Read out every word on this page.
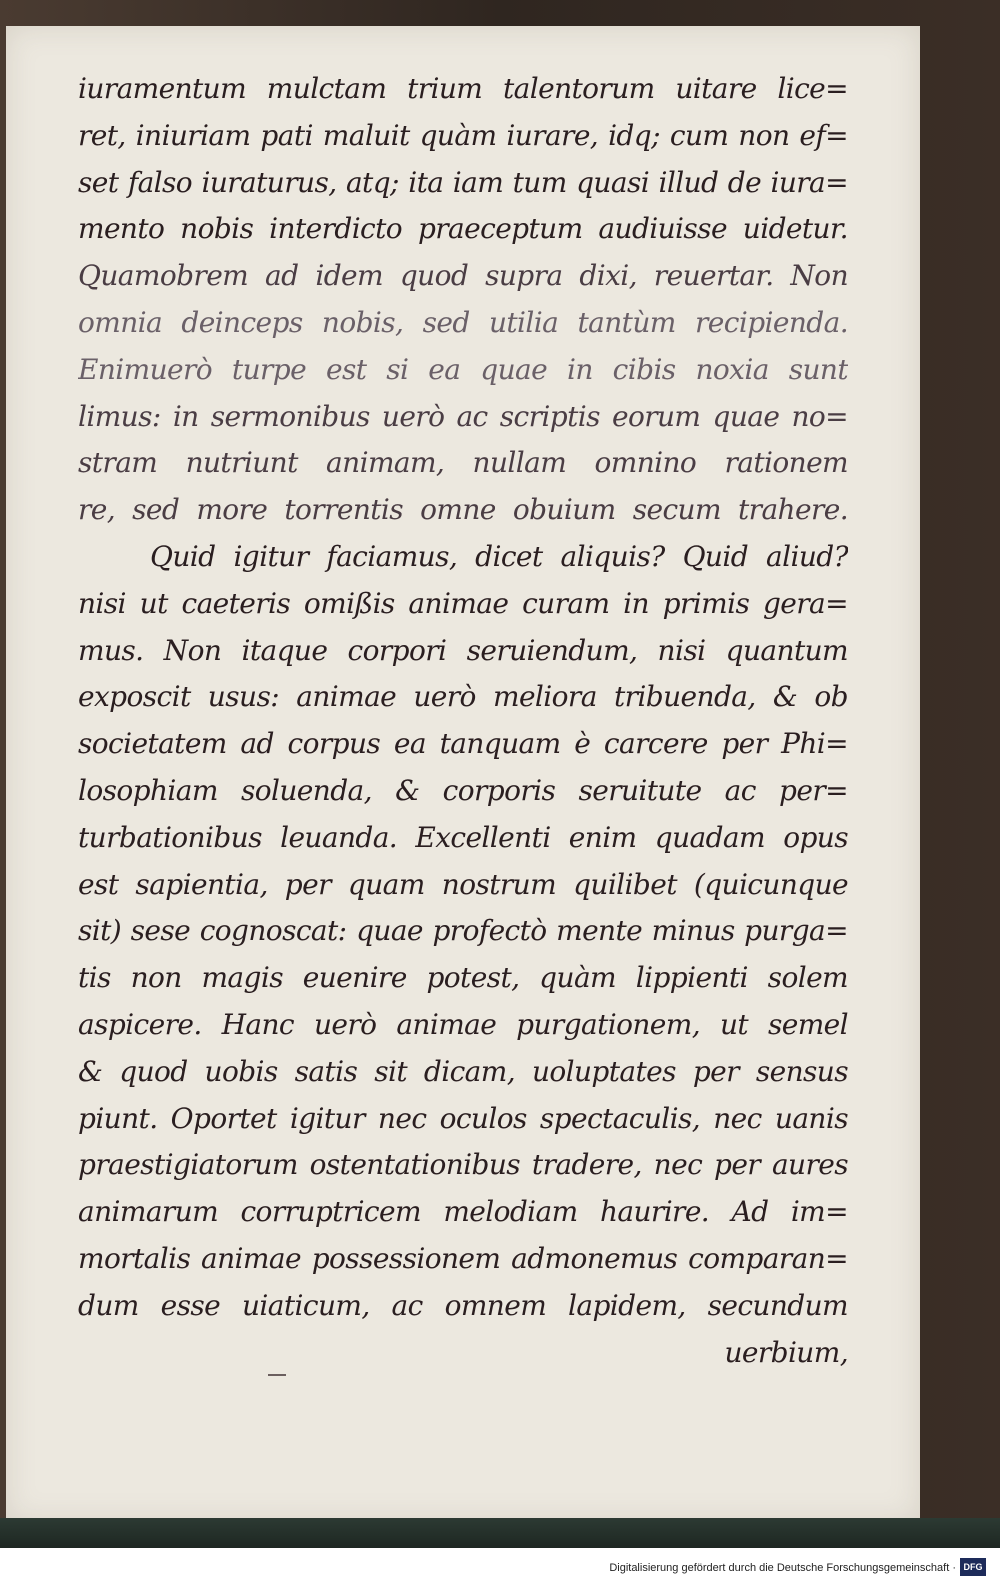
iuramentum mulctam trium talentorum uitare lice=
ret, iniuriam pati maluit quàm iurare, idq; cum non ef=
set falso iuraturus, atq; ita iam tum quasi illud de iura=
mento nobis interdicto praeceptum audiuisse uidetur.
Quamobrem ad idem quod supra dixi, reuertar. Non
omnia deinceps nobis, sed utilia tantùm recipienda.
Enimuerò turpe est si ea quae in cibis noxia sunt
limus: in sermonibus uerò ac scriptis eorum quae no=
stram nutriunt animam, nullam omnino rationem
re, sed more torrentis omne obuium secum trahere.
Quid igitur faciamus, dicet aliquis? Quid aliud?
nisi ut caeteris omißis animae curam in primis gera=
mus. Non itaque corpori seruiendum, nisi quantum
exposcit usus: animae uerò meliora tribuenda, & ob
societatem ad corpus ea tanquam è carcere per Phi=
losophiam soluenda, & corporis seruitute ac per=
turbationibus leuanda. Excellenti enim quadam opus
est sapientia, per quam nostrum quilibet (quicunque
sit) sese cognoscat: quae profectò mente minus purga=
tis non magis euenire potest, quàm lippienti solem
aspicere. Hanc uerò animae purgationem, ut semel
& quod uobis satis sit dicam, uoluptates per sensus
piunt. Oportet igitur nec oculos spectaculis, nec uanis
praestigiatorum ostentationibus tradere, nec per aures
animarum corruptricem melodiam haurire. Ad im=
mortalis animae possessionem admonemus comparan=
dum esse uiaticum, ac omnem lapidem, secundum
uerbium,
Digitalisierung gefördert durch die Deutsche Forschungsgemeinschaft · DFG
